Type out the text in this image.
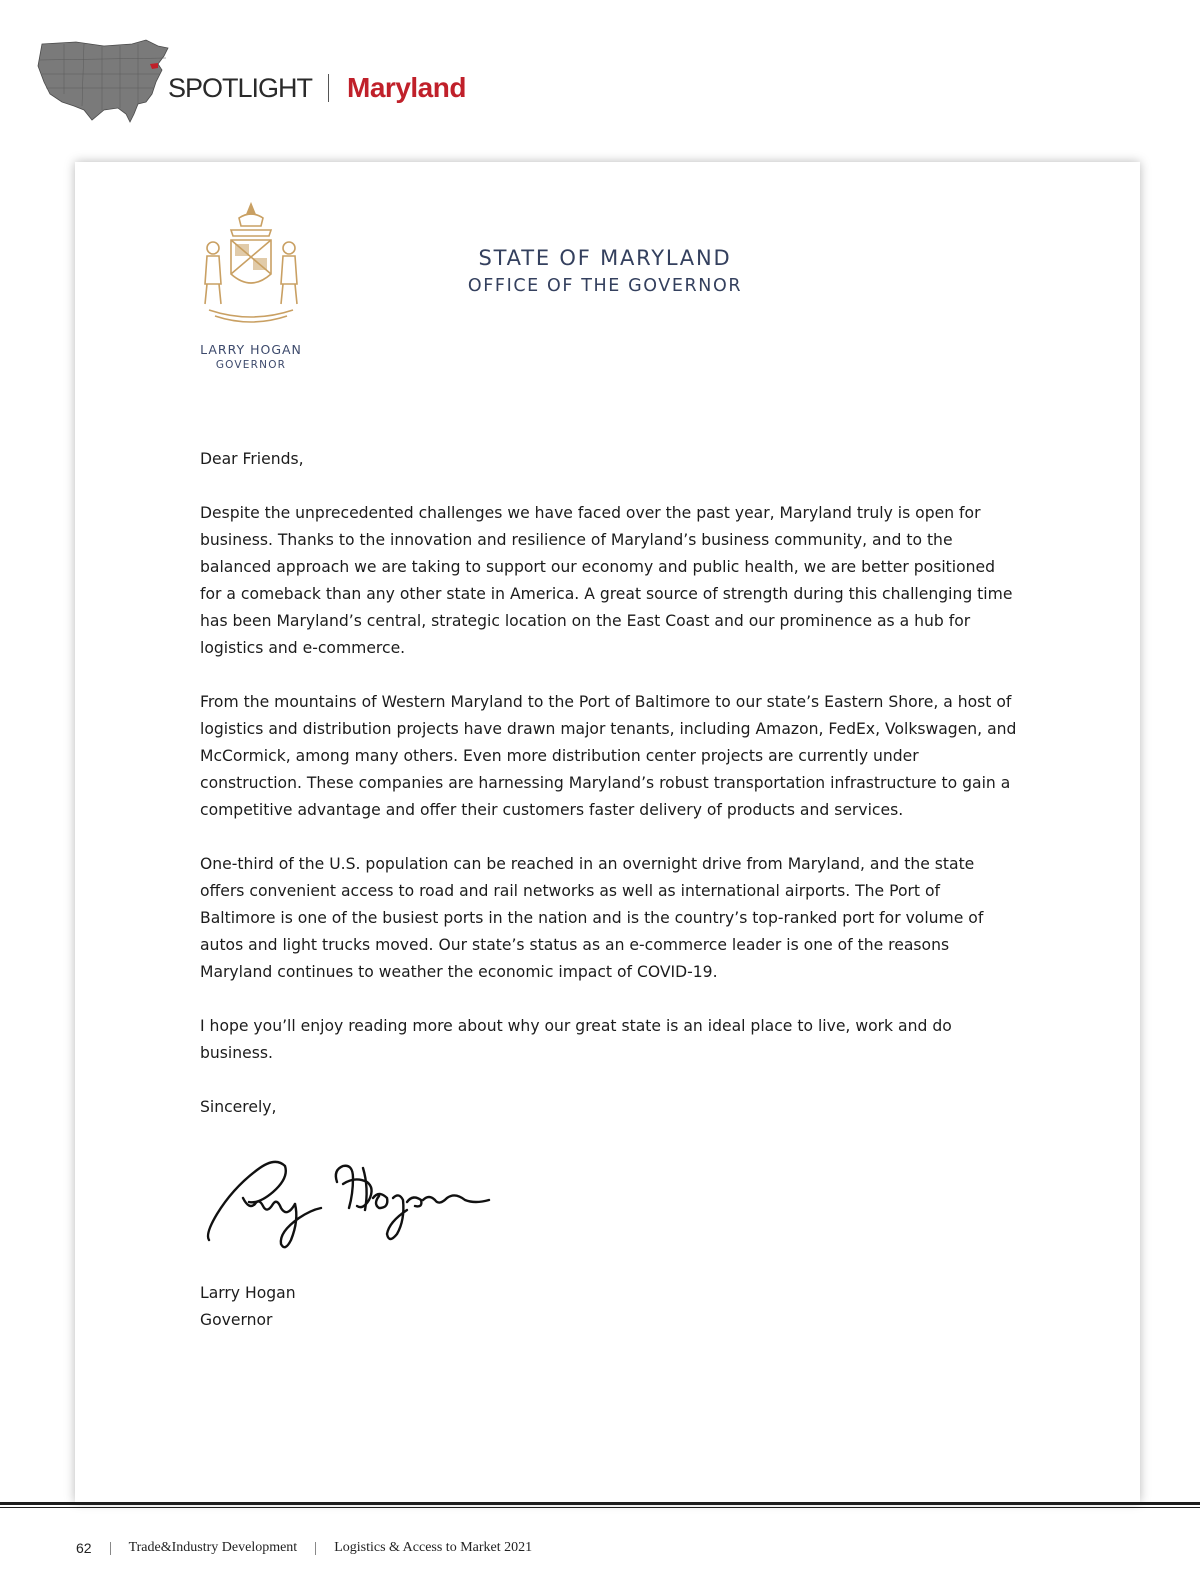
SPOTLIGHT Maryland
LARRY HOGAN
GOVERNOR
STATE OF MARYLAND
OFFICE OF THE GOVERNOR

Dear Friends,

Despite the unprecedented challenges we have faced over the past year, Maryland truly is open for business. Thanks to the innovation and resilience of Maryland’s business community, and to the balanced approach we are taking to support our economy and public health, we are better positioned for a comeback than any other state in America. A great source of strength during this challenging time has been Maryland’s central, strategic location on the East Coast and our prominence as a hub for logistics and e-commerce.

From the mountains of Western Maryland to the Port of Baltimore to our state’s Eastern Shore, a host of logistics and distribution projects have drawn major tenants, including Amazon, FedEx, Volkswagen, and McCormick, among many others. Even more distribution center projects are currently under construction. These companies are harnessing Maryland’s robust transportation infrastructure to gain a competitive advantage and offer their customers faster delivery of products and services.

One-third of the U.S. population can be reached in an overnight drive from Maryland, and the state offers convenient access to road and rail networks as well as international airports. The Port of Baltimore is one of the busiest ports in the nation and is the country’s top-ranked port for volume of autos and light trucks moved. Our state’s status as an e-commerce leader is one of the reasons Maryland continues to weather the economic impact of COVID-19.

I hope you’ll enjoy reading more about why our great state is an ideal place to live, work and do business.

Sincerely,

Larry Hogan
Governor
62	Trade&Industry Development	Logistics & Access to Market 2021
